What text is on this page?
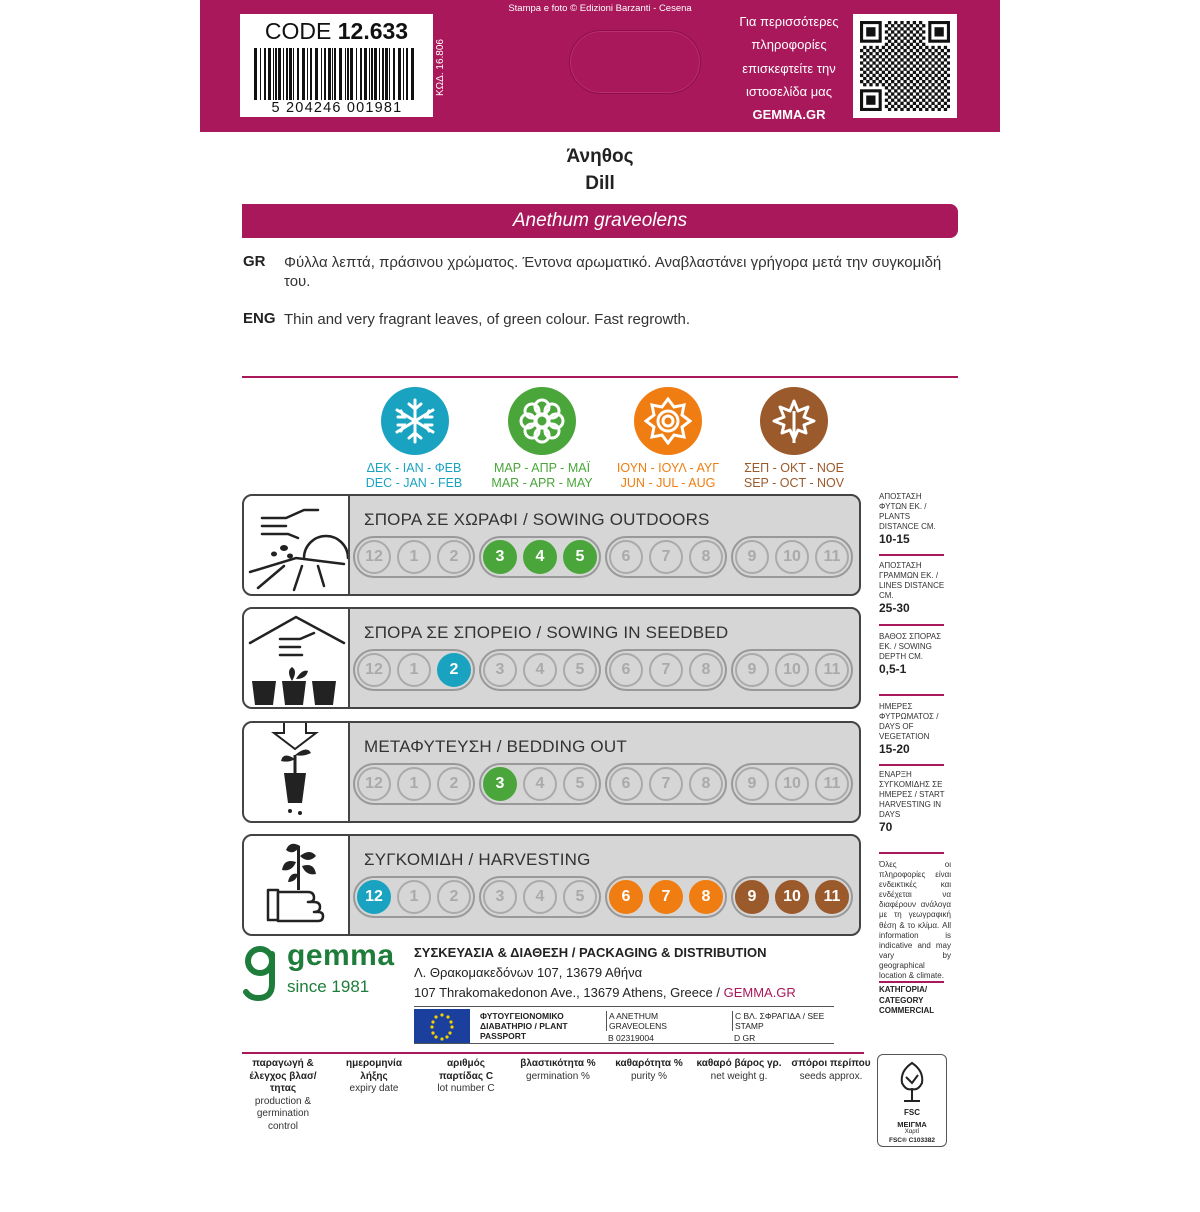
CODE 12.633
5 204246 001981
ΚΩΔ. 16.806
Stampa e foto © Edizioni Barzanti - Cesena
Για περισσότερες
πληροφορίες
επισκεφτείτε την
ιστοσελίδα μας
GEMMA.GR
Άνηθος
Dill
Anethum graveolens
GR Φύλλα λεπτά, πράσινου χρώματος. Έντονα αρωματικό. Αναβλαστάνει γρήγορα μετά την συγκομιδή του.
ENG Thin and very fragrant leaves, of green colour. Fast regrowth.
ΔΕΚ - ΙΑΝ - ΦΕΒ
DEC - JAN - FEB
ΜΑΡ - ΑΠΡ - ΜΑΪ
MAR - APR - MAY
ΙΟΥΝ - ΙΟΥΛ - ΑΥΓ
JUN - JUL - AUG
ΣΕΠ - ΟΚΤ - ΝΟΕ
SEP - OCT - NOV
ΣΠΟΡΑ ΣΕ ΧΩΡΑΦΙ / SOWING OUTDOORS
12	1	2	3	4	5	6	7	8	9	10	11
ΣΠΟΡΑ ΣΕ ΣΠΟΡΕΙΟ / SOWING IN SEEDBED
12	1	2	3	4	5	6	7	8	9	10	11
ΜΕΤΑΦΥΤΕΥΣΗ / BEDDING OUT
12	1	2	3	4	5	6	7	8	9	10	11
ΣΥΓΚΟΜΙΔΗ / HARVESTING
12	1	2	3	4	5	6	7	8	9	10	11
ΑΠΟΣΤΑΣΗ ΦΥΤΩΝ ΕΚ. / PLANTS DISTANCE CM.
10-15
ΑΠΟΣΤΑΣΗ ΓΡΑΜΜΩΝ ΕΚ. / LINES DISTANCE CM.
25-30
ΒΑΘΟΣ ΣΠΟΡΑΣ ΕΚ. / SOWING DEPTH CM.
0,5-1
ΗΜΕΡΕΣ ΦΥΤΡΩΜΑΤΟΣ / DAYS OF VEGETATION
15-20
ΕΝΑΡΞΗ ΣΥΓΚΟΜΙΔΗΣ ΣΕ ΗΜΕΡΕΣ / START HARVESTING IN DAYS
70
Όλες οι πληροφορίες είναι ενδεικτικές και ενδέχεται να διαφέρουν ανάλογα με τη γεωγραφική θέση & το κλίμα. All information is indicative and may vary by geographical location & climate.
ΚΑΤΗΓΟΡΙΑ/ CATEGORY COMMERCIAL
gemma
since 1981
ΣΥΣΚΕΥΑΣΙΑ & ΔΙΑΘΕΣΗ / PACKAGING & DISTRIBUTION
Λ. Θρακομακεδόνων 107, 13679 Αθήνα
107 Thrakomakedonon Ave., 13679 Athens, Greece / GEMMA.GR
ΦΥΤΟΥΓΕΙΟΝΟΜΙΚΟ ΔΙΑΒΑΤΗΡΙΟ / PLANT PASSPORT
A ANETHUM GRAVEOLENS
B 02319004
C ΒΛ. ΣΦΡΑΓΙΔΑ / SEE STAMP
D GR
παραγωγή & έλεγχος βλασ/τητας
production & germination control
ημερομηνία λήξης
expiry date
αριθμός παρτίδας C
lot number C
βλαστικότητα %
germination %
καθαρότητα %
purity %
καθαρό βάρος γρ.
net weight g.
σπόροι περίπου
seeds approx.
FSC
ΜΕΙΓΜΑ
Χαρτί
FSC® C103382
